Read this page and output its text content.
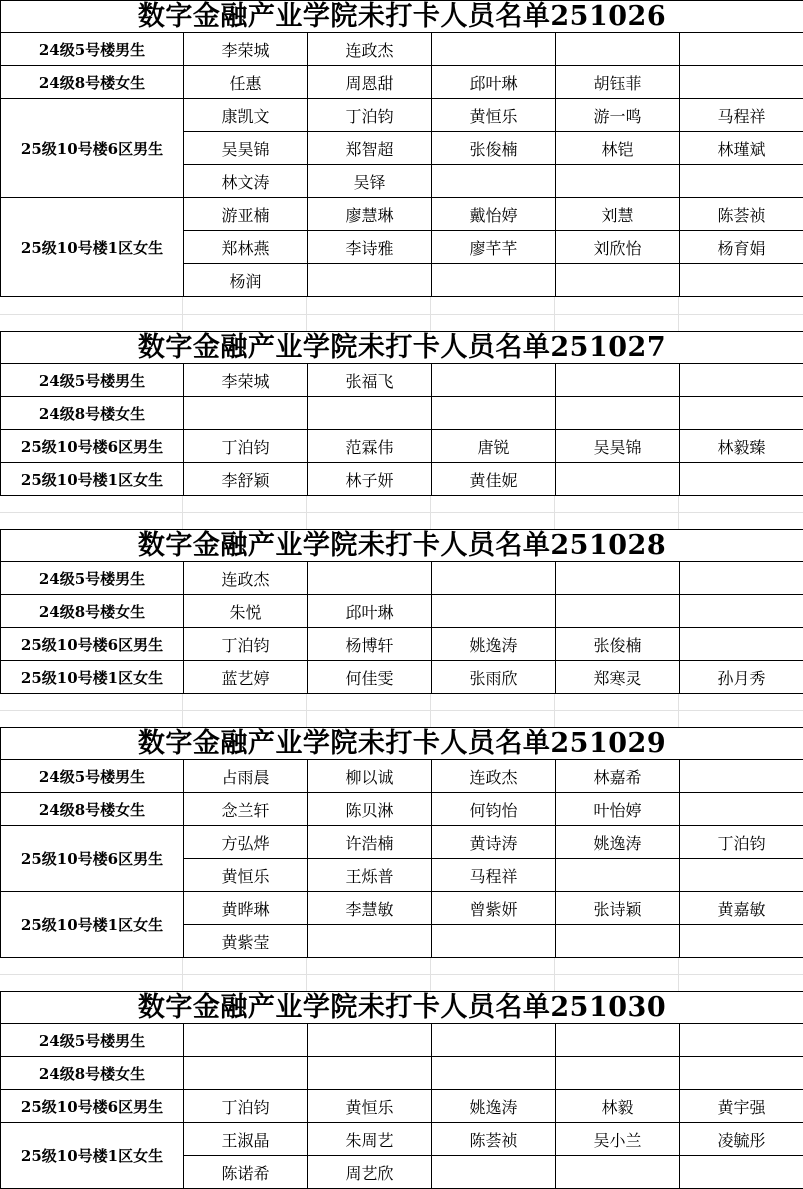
数字金融产业学院未打卡人员名单251026					
24级5号楼男生	李荣城	连政杰			
24级8号楼女生	任惠	周恩甜	邱叶琳	胡钰菲	
25级10号楼6区男生	康凯文	丁泊钧	黄恒乐	游一鸣	马程祥
	吴昊锦	郑智超	张俊楠	林铠	林瑾斌
	林文涛	吴铎			
25级10号楼1区女生	游亚楠	廖慧琳	戴怡婷	刘慧	陈荟祯
	郑林燕	李诗雅	廖芊芊	刘欣怡	杨育娟
	杨润				
数字金融产业学院未打卡人员名单251027					
24级5号楼男生	李荣城	张福飞			
24级8号楼女生					
25级10号楼6区男生	丁泊钧	范霖伟	唐锐	吴昊锦	林毅臻
25级10号楼1区女生	李舒颖	林子妍	黄佳妮		
数字金融产业学院未打卡人员名单251028					
24级5号楼男生	连政杰				
24级8号楼女生	朱悦	邱叶琳			
25级10号楼6区男生	丁泊钧	杨博轩	姚逸涛	张俊楠	
25级10号楼1区女生	蓝艺婷	何佳雯	张雨欣	郑寒灵	孙月秀
数字金融产业学院未打卡人员名单251029					
24级5号楼男生	占雨晨	柳以诚	连政杰	林嘉希	
24级8号楼女生	念兰轩	陈贝淋	何钧怡	叶怡婷	
25级10号楼6区男生	方弘烨	许浩楠	黄诗涛	姚逸涛	丁泊钧
	黄恒乐	王烁普	马程祥		
25级10号楼1区女生	黄晔琳	李慧敏	曾紫妍	张诗颖	黄嘉敏
	黄紫莹				
数字金融产业学院未打卡人员名单251030					
24级5号楼男生					
24级8号楼女生					
25级10号楼6区男生	丁泊钧	黄恒乐	姚逸涛	林毅	黄宇强
25级10号楼1区女生	王淑晶	朱周艺	陈荟祯	吴小兰	凌毓彤
	陈诺希	周艺欣			
